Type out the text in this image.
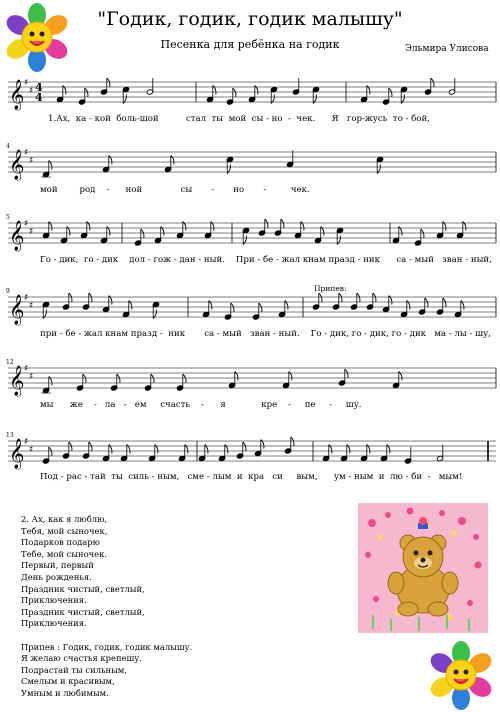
"Годик, годик, годик малышу"
Песенка для ребёнка на годик	Эльмира Улисова
𝄞 ♯
♯ 4
4
𝄞 ♯
♯
𝄞 ♯
♯
𝄞 ♯
♯
𝄞 ♯
♯
𝄞 ♯
♯
Припев:
2. Ах, как я люблю,
Тебя, мой сыночек,
Подарков подарю
Тебе, мой сыночек.
Первый, первый
День рожденья.
Праздник чистый, светлый,
Приключения.
Праздник чистый, светлый,
Приключения.

Припев : Годик, годик, годик малышу.
Я желаю счастья крепешу.
Подрастай ты сильным,
Смелым и красивым,
Умным и любимым.
1.Ах,  ка - кой  боль-шой          стал  ты  мой  сы - но  -  чек.      Я   гор-жусь  то - бой,
4
мой        род    -      ной              сы       -       но       -         чек.
5
Го - дик,  го - дик    дол - гож - дан - ный.    При - бе - жал кнам празд - ник      са - мый   зван - ный,
9
при - бе - жал кнам празд -  ник       са - мый   зван - ный.    Го - дик, го - дик, го - дик   ма - лы - шу,
12
мы      же    -   ла   -   ем     счасть    -      я             кре    -     пе     -     шу.
13
Под - рас - тай  ты  силь - ным,   сме - лым  и  кра   си     вым,      ум - ным  и  лю - би  -   мым!
